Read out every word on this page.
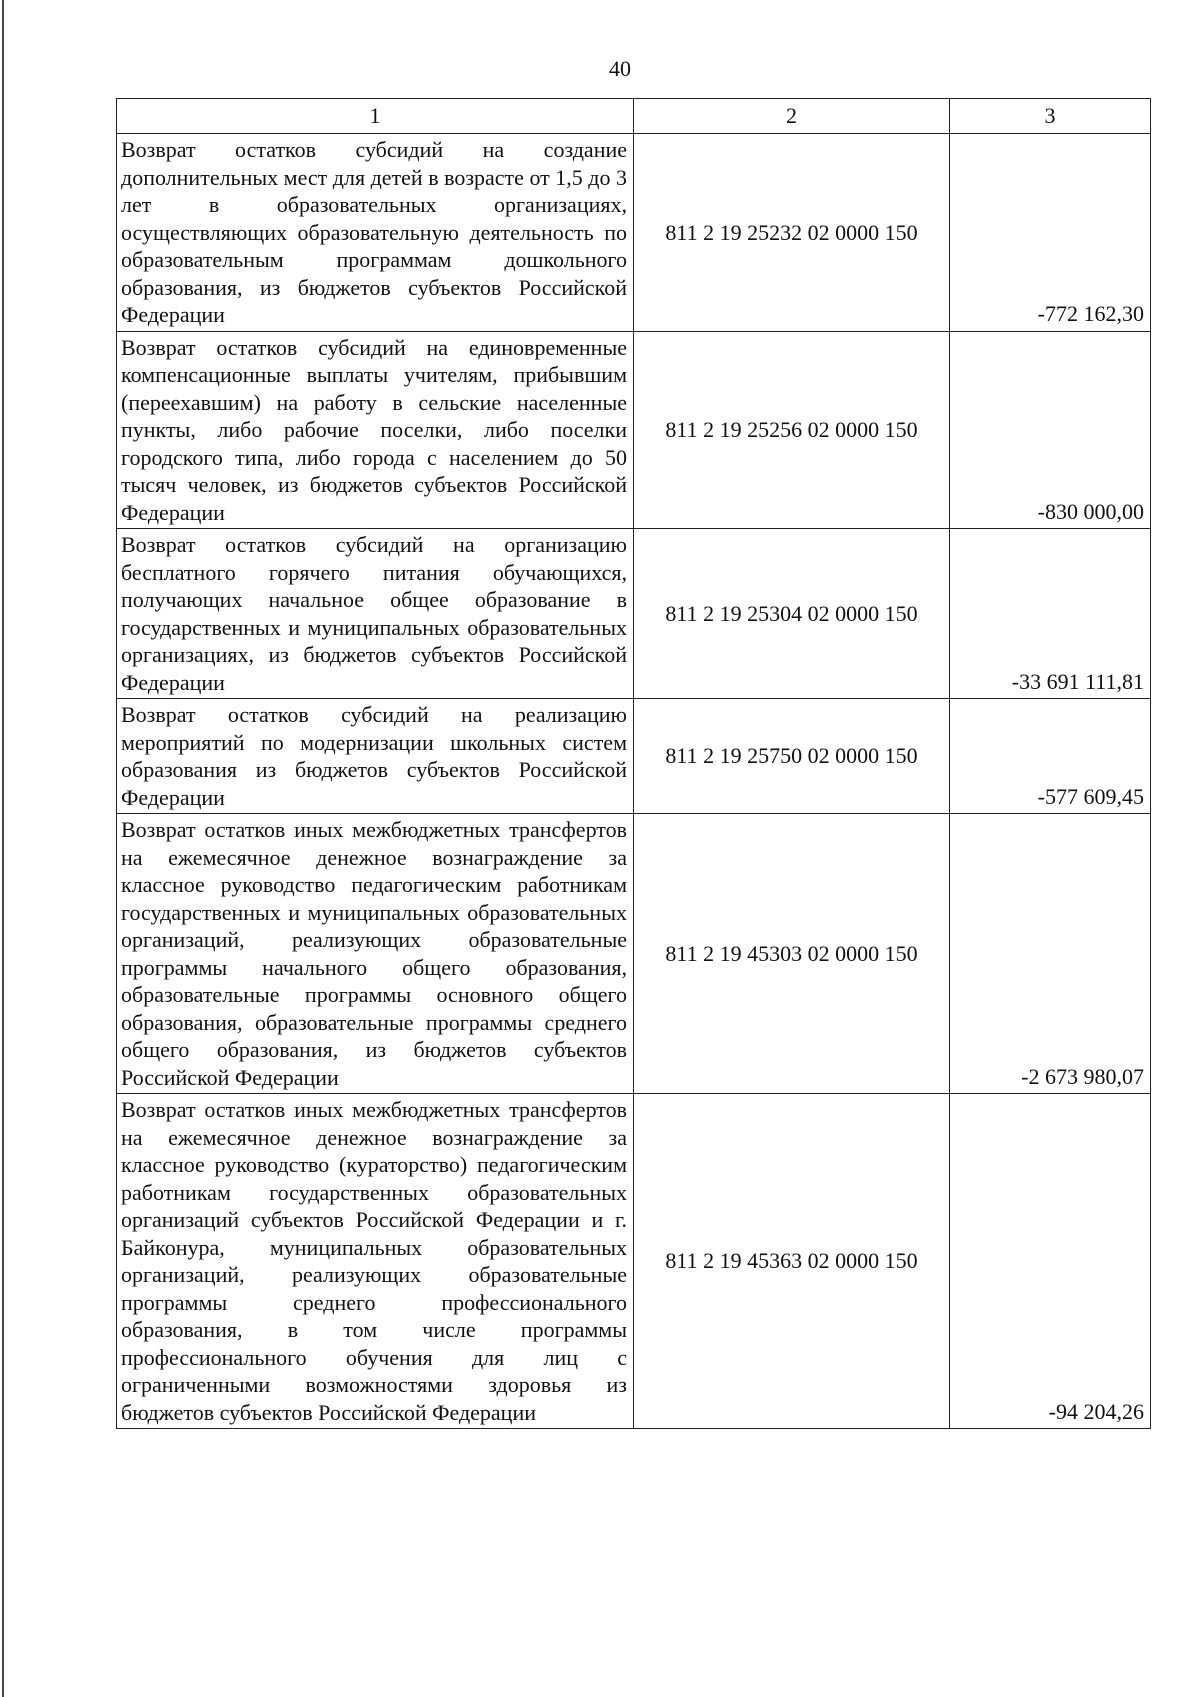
40
1	2	3
Возврат остатков субсидий на создание дополнительных мест для детей в возрасте от 1,5 до 3 лет в образовательных организациях, осуществляющих образовательную деятельность по образовательным программам дошкольного образования, из бюджетов субъектов Российской Федерации	811 2 19 25232 02 0000 150	-772 162,30
Возврат остатков субсидий на единовременные компенсационные выплаты учителям, прибывшим (переехавшим) на работу в сельские населенные пункты, либо рабочие поселки, либо поселки городского типа, либо города с населением до 50 тысяч человек, из бюджетов субъектов Российской Федерации	811 2 19 25256 02 0000 150	-830 000,00
Возврат остатков субсидий на организацию бесплатного горячего питания обучающихся, получающих начальное общее образование в государственных и муниципальных образовательных организациях, из бюджетов субъектов Российской Федерации	811 2 19 25304 02 0000 150	-33 691 111,81
Возврат остатков субсидий на реализацию мероприятий по модернизации школьных систем образования из бюджетов субъектов Российской Федерации	811 2 19 25750 02 0000 150	-577 609,45
Возврат остатков иных межбюджетных трансфертов на ежемесячное денежное вознаграждение за классное руководство педагогическим работникам государственных и муниципальных образовательных организаций, реализующих образовательные программы начального общего образования, образовательные программы основного общего образования, образовательные программы среднего общего образования, из бюджетов субъектов Российской Федерации	811 2 19 45303 02 0000 150	-2 673 980,07
Возврат остатков иных межбюджетных трансфертов на ежемесячное денежное вознаграждение за классное руководство (кураторство) педагогическим работникам государственных образовательных организаций субъектов Российской Федерации и г. Байконура, муниципальных образовательных организаций, реализующих образовательные программы среднего профессионального образования, в том числе программы профессионального обучения для лиц с ограниченными возможностями здоровья из бюджетов субъектов Российской Федерации	811 2 19 45363 02 0000 150	-94 204,26
